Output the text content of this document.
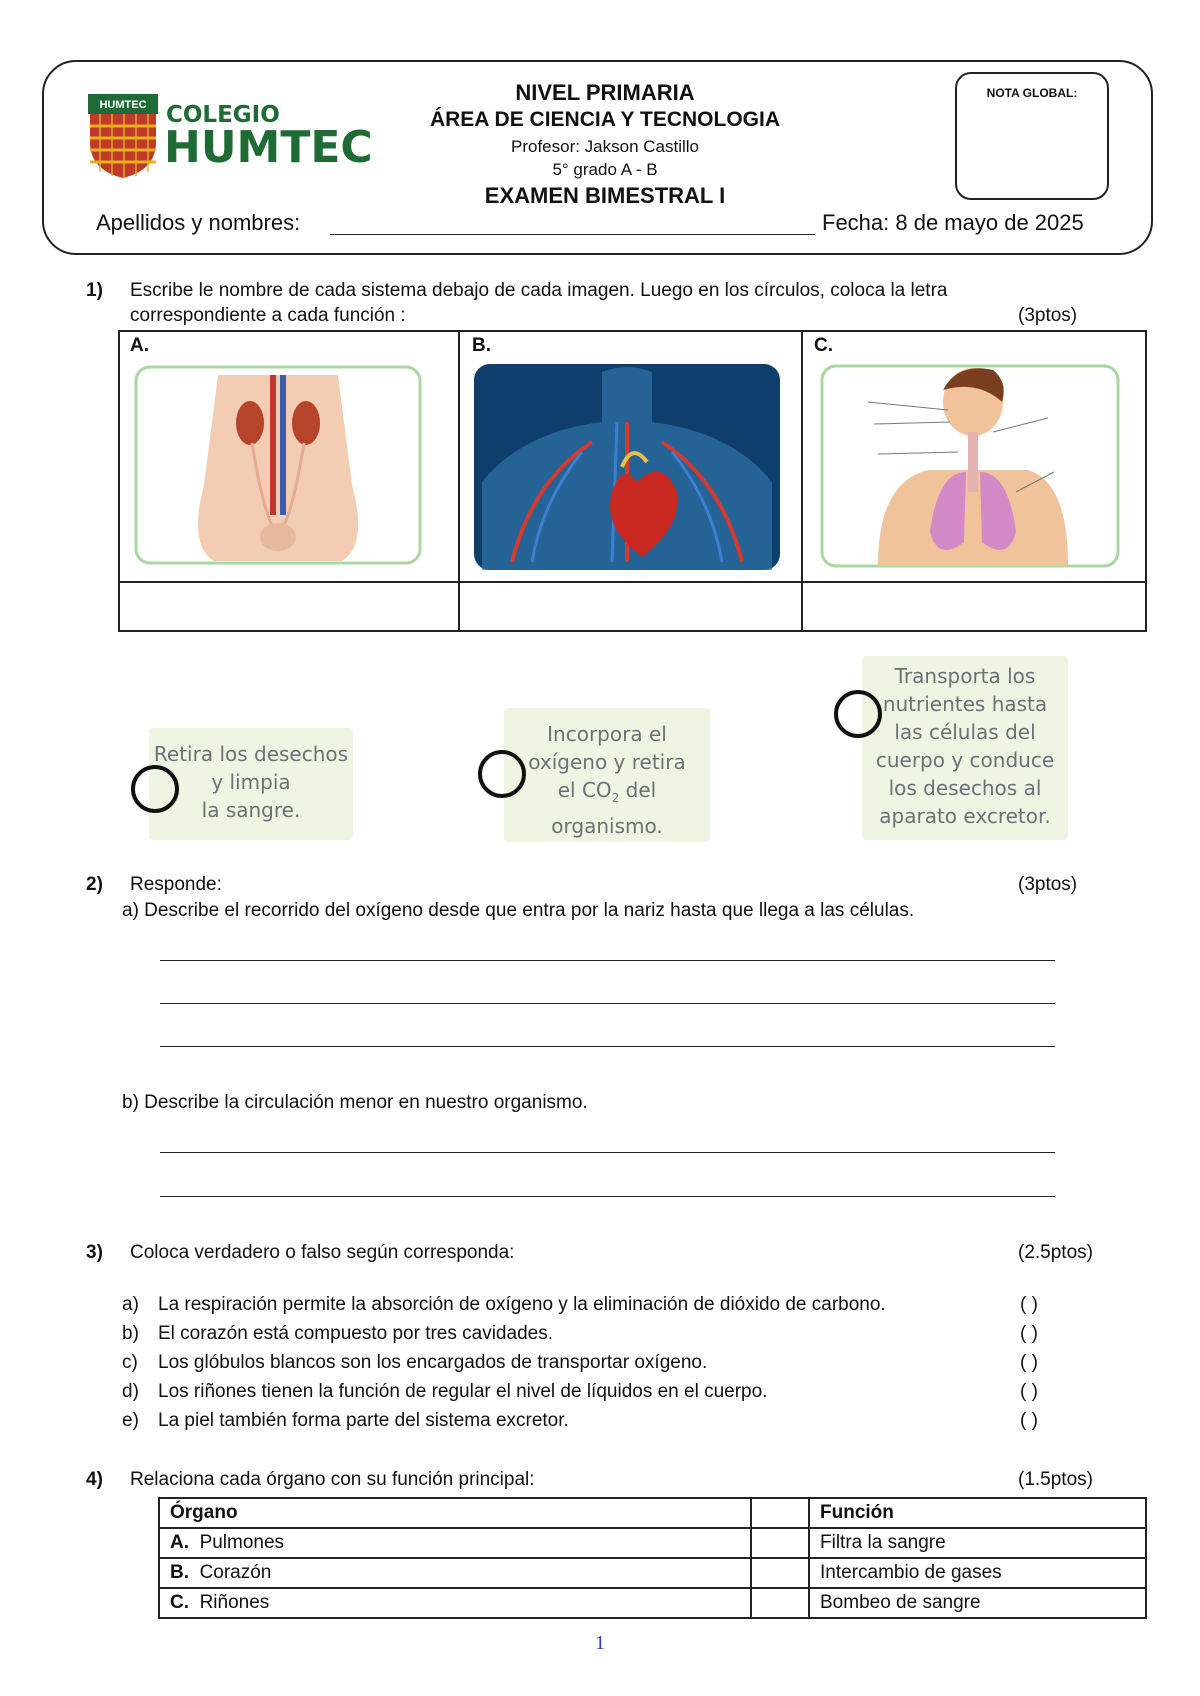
HUMTEC COLEGIO
HUMTEC
NIVEL PRIMARIA
ÁREA DE CIENCIA Y TECNOLOGIA
Profesor: Jakson Castillo
5° grado A - B
EXAMEN BIMESTRAL I
NOTA GLOBAL:
Apellidos y nombres:	Fecha: 8 de mayo de 2025
1) Escribe le nombre de cada sistema debajo de cada imagen. Luego en los círculos, coloca la letra
correspondiente a cada función :	(3ptos)
A.	B.	C.
Retira los desechos
y limpia
la sangre.
Incorpora el
oxígeno y retira
el $CO_2$ del
organismo.
Transporta los
nutrientes hasta
las células del
cuerpo y conduce
los desechos al
aparato excretor.
2) Responde:	(3ptos)
a) Describe el recorrido del oxígeno desde que entra por la nariz hasta que llega a las células.
b) Describe la circulación menor en nuestro organismo.
3) Coloca verdadero o falso según corresponda:	(2.5ptos)
a) La respiración permite la absorción de oxígeno y la eliminación de dióxido de carbono.	( )
b) El corazón está compuesto por tres cavidades.	( )
c) Los glóbulos blancos son los encargados de transportar oxígeno.	( )
d) Los riñones tienen la función de regular el nivel de líquidos en el cuerpo.	( )
e) La piel también forma parte del sistema excretor.	( )
4) Relaciona cada órgano con su función principal:	(1.5ptos)
Órgano		Función
A. Pulmones		Filtra la sangre
B. Corazón		Intercambio de gases
C. Riñones		Bombeo de sangre
1
